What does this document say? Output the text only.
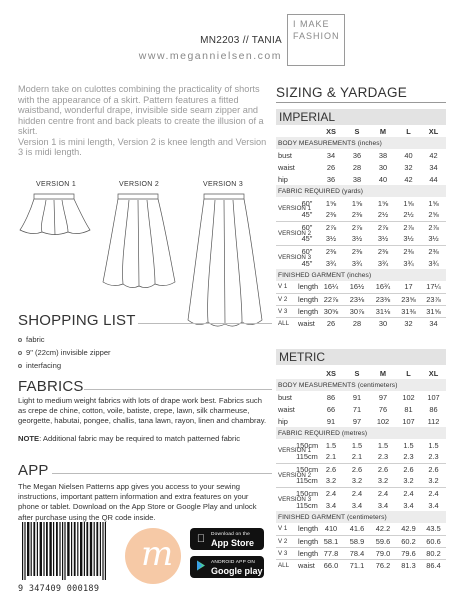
MN2203 // TANIA
www.megannielsen.com
I MAKE
FASHION

Modern take on culottes combining the practicality of shorts with the appearance of a skirt. Pattern features a fitted waistband, wonderful drape, invisible side seam zipper and hidden centre front and back pleats to create the illusion of a skirt.

Version 1 is mini length, Version 2 is knee length and Version 3 is midi length.

VERSION 1	VERSION 2	VERSION 3
SHOPPING LIST
fabric
9" (22cm) invisible zipper
interfacing
FABRICS
Light to medium weight fabrics with lots of drape work best. Fabrics such as crepe de chine, cotton, voile, batiste, crepe, lawn, silk charmeuse, georgette, habutai, pongee, challis, tana lawn, rayon, linen and chambray.
NOTE: Additional fabric may be required to match patterned fabric
APP
The Megan Nielsen Patterns app gives you access to your sewing instructions, important pattern information and extra features on your phone or tablet. Download on the App Store or Google Play and unlock after purchase using the QR code inside.
9 347409 000189
m	Download on the
App Store
ANDROID APP ON
Google play
SIZING & YARDAGE
IMPERIAL
		XS	S	M	L	XL
BODY MEASUREMENTS (inches)						
bust		34	36	38	40	42
waist		26	28	30	32	34
hip		36	38	40	42	44
FABRIC REQUIRED (yards)						
VERSION 1	60"	1⅝	1⅝	1⅝	1⅝	1⅝
	45"	2⅜	2⅜	2½	2½	2⅝
VERSION 2	60"	2⅞	2⅞	2⅞	2⅞	2⅞
	45"	3½	3½	3½	3½	3½
VERSION 3	60"	2⅜	2⅜	2⅜	2⅜	2⅜
	45"	3¾	3¾	3¾	3¾	3¾
FINISHED GARMENT (inches)						
V 1	length	16¼	16½	16¾	17	17¼
V 2	length	22⅞	23⅛	23⅜	23⅝	23⅞
V 3	length	30⅝	30⅞	31⅛	31⅜	31⅝
ALL	waist	26	28	30	32	34
METRIC
		XS	S	M	L	XL
BODY MEASUREMENTS (centimeters)						
bust		86	91	97	102	107
waist		66	71	76	81	86
hip		91	97	102	107	112
FABRIC REQUIRED (metres)						
VERSION 1	150cm	1.5	1.5	1.5	1.5	1.5
	115cm	2.1	2.1	2.3	2.3	2.3
VERSION 2	150cm	2.6	2.6	2.6	2.6	2.6
	115cm	3.2	3.2	3.2	3.2	3.2
VERSION 3	150cm	2.4	2.4	2.4	2.4	2.4
	115cm	3.4	3.4	3.4	3.4	3.4
FINISHED GARMENT (centimeters)						
V 1	length	410	41.6	42.2	42.9	43.5
V 2	length	58.1	58.9	59.6	60.2	60.6
V 3	length	77.8	78.4	79.0	79.6	80.2
ALL	waist	66.0	71.1	76.2	81.3	86.4
